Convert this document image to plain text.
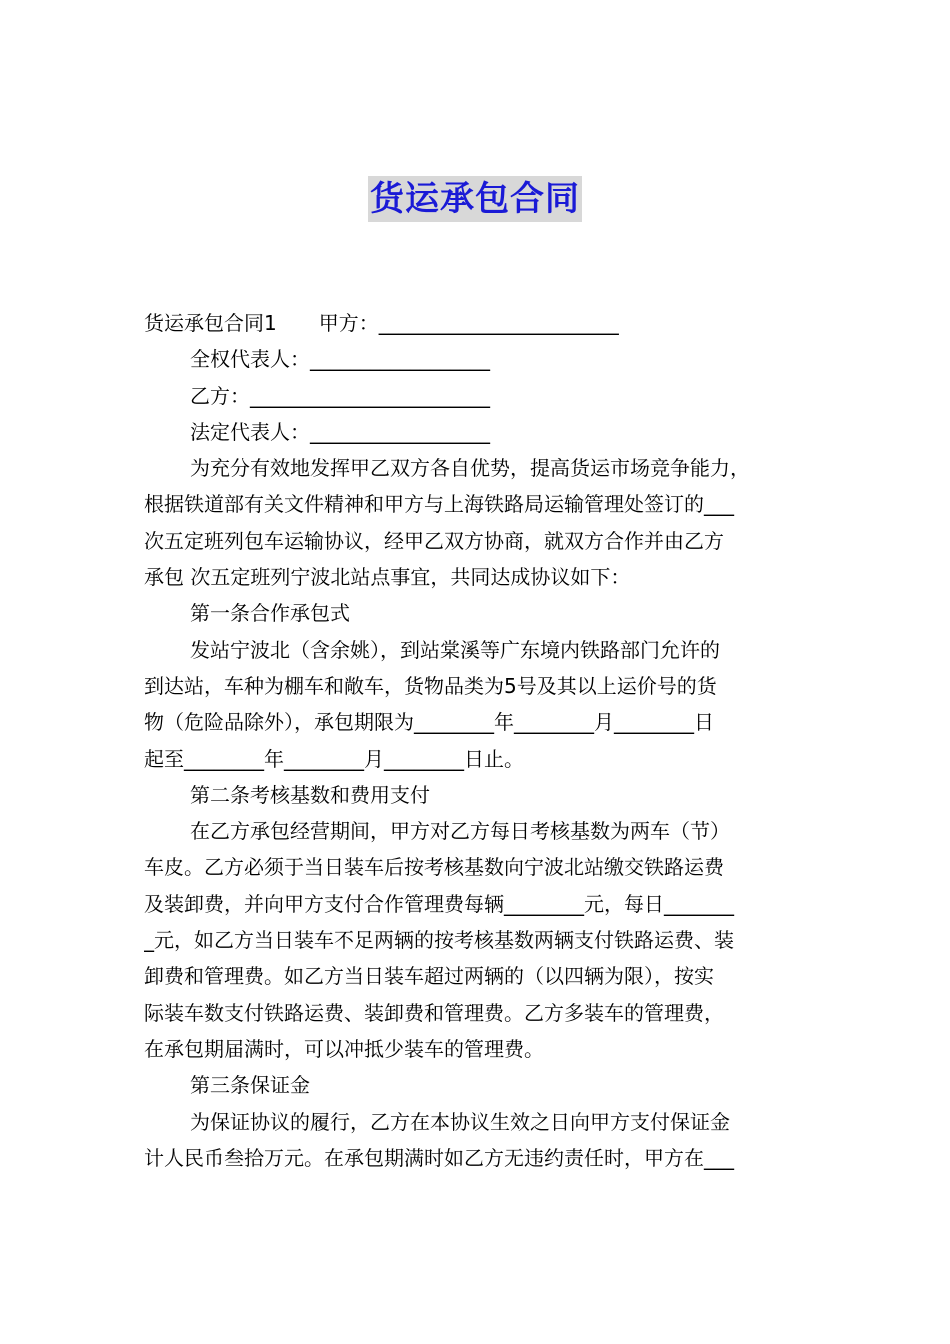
货运承包合同
货运承包合同1 甲方：________________________
全权代表人：__________________
乙方：________________________
法定代表人：__________________
为充分有效地发挥甲乙双方各自优势，提高货运市场竞争能力，
根据铁道部有关文件精神和甲方与上海铁路局运输管理处签订的___
次五定班列包车运输协议，经甲乙双方协商，就双方合作并由乙方
承包 次五定班列宁波北站点事宜，共同达成协议如下：
第一条合作承包式
发站宁波北（含余姚），到站棠溪等广东境内铁路部门允许的
到达站，车种为棚车和敞车，货物品类为5号及其以上运价号的货
物（危险品除外），承包期限为________年________月________日
起至________年________月________日止。
第二条考核基数和费用支付
在乙方承包经营期间，甲方对乙方每日考核基数为两车（节）
车皮。乙方必须于当日装车后按考核基数向宁波北站缴交铁路运费
及装卸费，并向甲方支付合作管理费每辆________元，每日_______
_元，如乙方当日装车不足两辆的按考核基数两辆支付铁路运费、装
卸费和管理费。如乙方当日装车超过两辆的（以四辆为限），按实
际装车数支付铁路运费、装卸费和管理费。乙方多装车的管理费，
在承包期届满时，可以冲抵少装车的管理费。
第三条保证金
为保证协议的履行，乙方在本协议生效之日向甲方支付保证金
计人民币叁拾万元。在承包期满时如乙方无违约责任时，甲方在___
